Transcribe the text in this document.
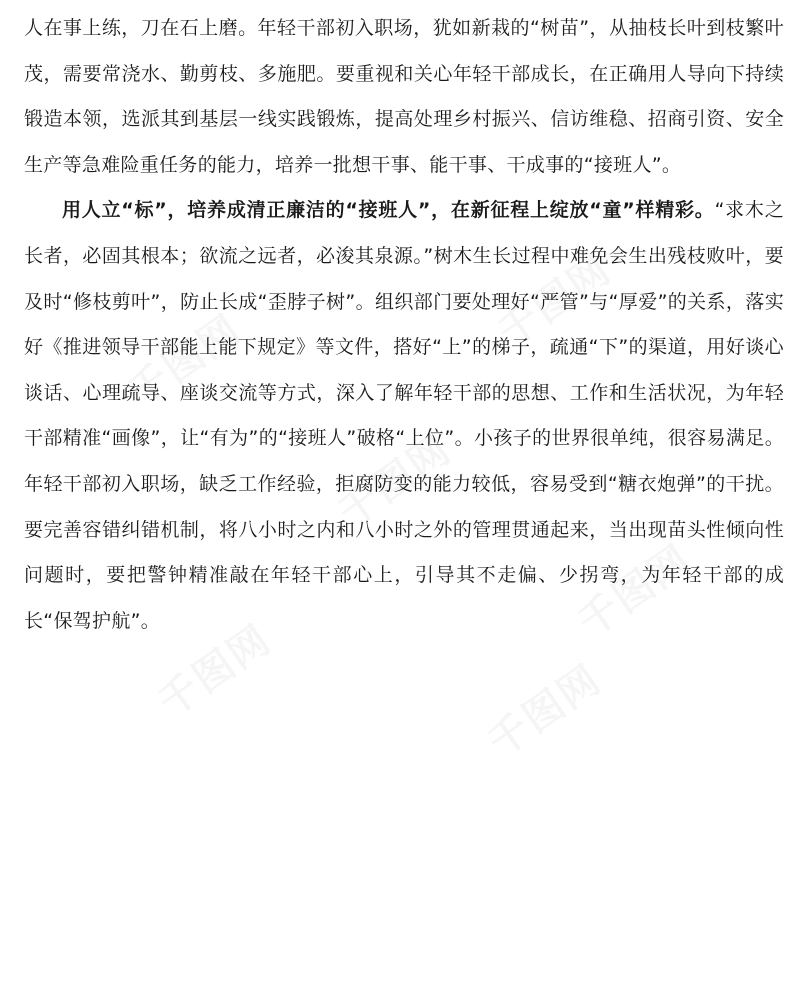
千图网
千图网
千图网
千图网
千图网	千图网

人在事上练，刀在石上磨。年轻干部初入职场，犹如新栽的“树苗”，从抽枝长叶到枝繁叶茂，需要常浇水、勤剪枝、多施肥。要重视和关心年轻干部成长，在正确用人导向下持续锻造本领，选派其到基层一线实践锻炼，提高处理乡村振兴、信访维稳、招商引资、安全生产等急难险重任务的能力，培养一批想干事、能干事、干成事的“接班人”。

用人立“标”，培养成清正廉洁的“接班人”，在新征程上绽放“童”样精彩。“求木之长者，必固其根本；欲流之远者，必浚其泉源。”树木生长过程中难免会生出残枝败叶，要及时“修枝剪叶”，防止长成“歪脖子树”。组织部门要处理好“严管”与“厚爱”的关系，落实好《推进领导干部能上能下规定》等文件，搭好“上”的梯子，疏通“下”的渠道，用好谈心谈话、心理疏导、座谈交流等方式，深入了解年轻干部的思想、工作和生活状况，为年轻干部精准“画像”，让“有为”的“接班人”破格“上位”。小孩子的世界很单纯，很容易满足。年轻干部初入职场，缺乏工作经验，拒腐防变的能力较低，容易受到“糖衣炮弹”的干扰。要完善容错纠错机制，将八小时之内和八小时之外的管理贯通起来，当出现苗头性倾向性问题时，要把警钟精准敲在年轻干部心上，引导其不走偏、少拐弯，为年轻干部的成长“保驾护航”。
